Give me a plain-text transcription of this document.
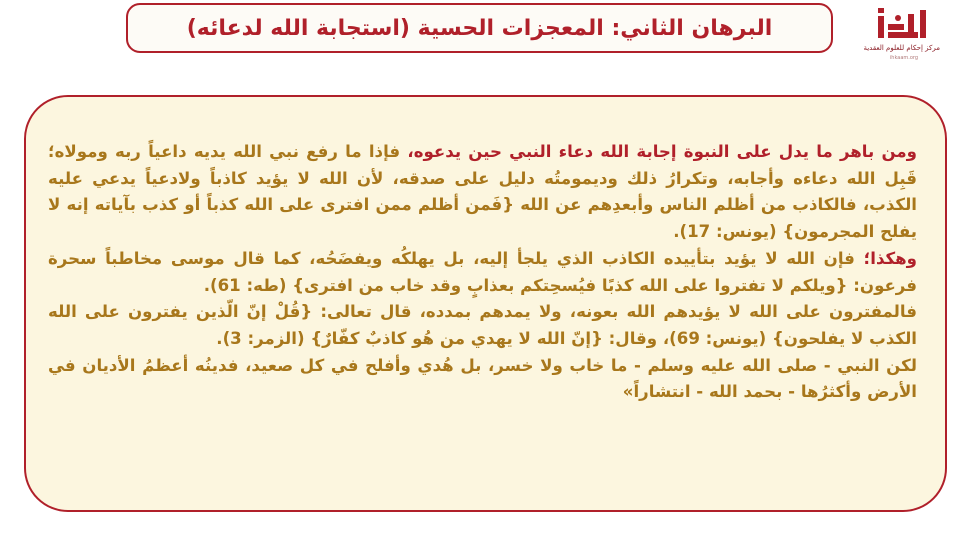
البرهان الثاني: المعجزات الحسية (استجابة الله لدعائه)
مركز إحكام للعلوم العقدية
ihkaam.org

ومن باهر ما يدل على النبوة إجابة الله دعاء النبي حين يدعوه، فإذا ما رفع نبي الله يديه داعياً ربه ومولاه؛ قَبِل الله دعاءه وأجابه، وتكرارُ ذلك وديمومتُه دليل على صدقه، لأن الله لا يؤيد كاذباً ولادعياً يدعي عليه الكذب، فالكاذب من أظلم الناس وأبعدِهم عن الله {فَمن أظلم ممن افترى على الله كذباً أو كذب بآياته إنه لا يفلح المجرمون} (يونس: 17).

وهكذا؛ فإن الله لا يؤيد بتأييده الكاذب الذي يلجأ إليه، بل يهلكُه ويفضَحُه، كما قال موسى مخاطباً سحرة فرعون: {ويلكم لا تفتروا على الله كذبًا فيُسحِتكم بعذابٍ وقد خاب من افترى} (طه: 61).

فالمفترون على الله لا يؤيدهم الله بعونه، ولا يمدهم بمدده، قال تعالى: {قُلْ إنّ الّذين يفترون على الله الكذب لا يفلحون} (يونس: 69)، وقال: {إنّ الله لا يهدي من هُو كاذبٌ كفّارٌ} (الزمر: 3).

لكن النبي - صلى الله عليه وسلم - ما خاب ولا خسر، بل هُدي وأفلح في كل صعيد، فدينُه أعظمُ الأديان في الأرض وأكثرُها - بحمد الله - انتشاراً»
